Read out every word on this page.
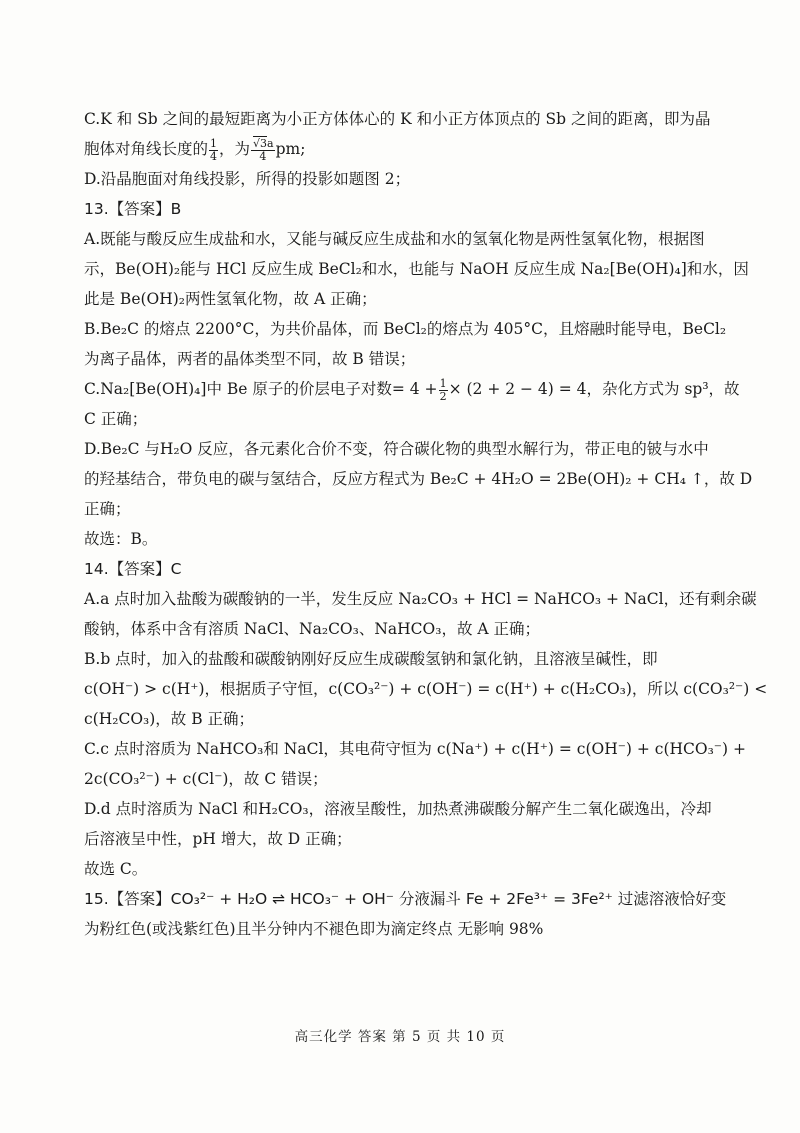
C.K 和 Sb 之间的最短距离为小正方体体心的 K 和小正方体顶点的 Sb 之间的距离，即为晶
胞体对角线长度的 $\frac{1}{4}$ ，为 $\frac{√3a}{4}$ pm;
D.沿晶胞面对角线投影，所得的投影如题图 2；
13.【答案】B
A.既能与酸反应生成盐和水，又能与碱反应生成盐和水的氢氧化物是两性氢氧化物，根据图
示，Be(OH)₂能与 HCl 反应生成 BeCl₂和水，也能与 NaOH 反应生成 Na₂[Be(OH)₄]和水，因
此是 Be(OH)₂两性氢氧化物，故 A 正确；
B.Be₂C 的熔点 2200°C，为共价晶体，而 BeCl₂的熔点为 405°C，且熔融时能导电，BeCl₂
为离子晶体，两者的晶体类型不同，故 B 错误；
C.Na₂[Be(OH)₄]中 Be 原子的价层电子对数= $4 + \frac{1}{2} \times (2 + 2 - 4) = 4$，杂化方式为 sp³，故
C 正确；
D.Be₂C 与H₂O 反应，各元素化合价不变，符合碳化物的典型水解行为，带正电的铍与水中
的羟基结合，带负电的碳与氢结合，反应方程式为 Be₂C + 4H₂O = 2Be(OH)₂ + CH₄ ↑，故 D
正确；
故选：B。
14.【答案】C
A.a 点时加入盐酸为碳酸钠的一半，发生反应 Na₂CO₃ + HCl = NaHCO₃ + NaCl，还有剩余碳
酸钠，体系中含有溶质 NaCl、Na₂CO₃、NaHCO₃，故 A 正确；
B.b 点时，加入的盐酸和碳酸钠刚好反应生成碳酸氢钠和氯化钠，且溶液呈碱性，即
c(OH⁻) > c(H⁺)，根据质子守恒，c(CO₃²⁻) + c(OH⁻) = c(H⁺) + c(H₂CO₃)，所以 c(CO₃²⁻) <
c(H₂CO₃)，故 B 正确；
C.c 点时溶质为 NaHCO₃和 NaCl，其电荷守恒为 c(Na⁺) + c(H⁺) = c(OH⁻) + c(HCO₃⁻) +
2c(CO₃²⁻) + c(Cl⁻)，故 C 错误；
D.d 点时溶质为 NaCl 和H₂CO₃，溶液呈酸性，加热煮沸碳酸分解产生二氧化碳逸出，冷却
后溶液呈中性，pH 增大，故 D 正确；
故选 C。
15.【答案】CO₃²⁻ + H₂O ⇌ HCO₃⁻ + OH⁻ 分液漏斗 Fe + 2Fe³⁺ = 3Fe²⁺ 过滤溶液恰好变
为粉红色(或浅紫红色)且半分钟内不褪色即为滴定终点 无影响 98%
高三化学 答案 第 5 页 共 10 页
